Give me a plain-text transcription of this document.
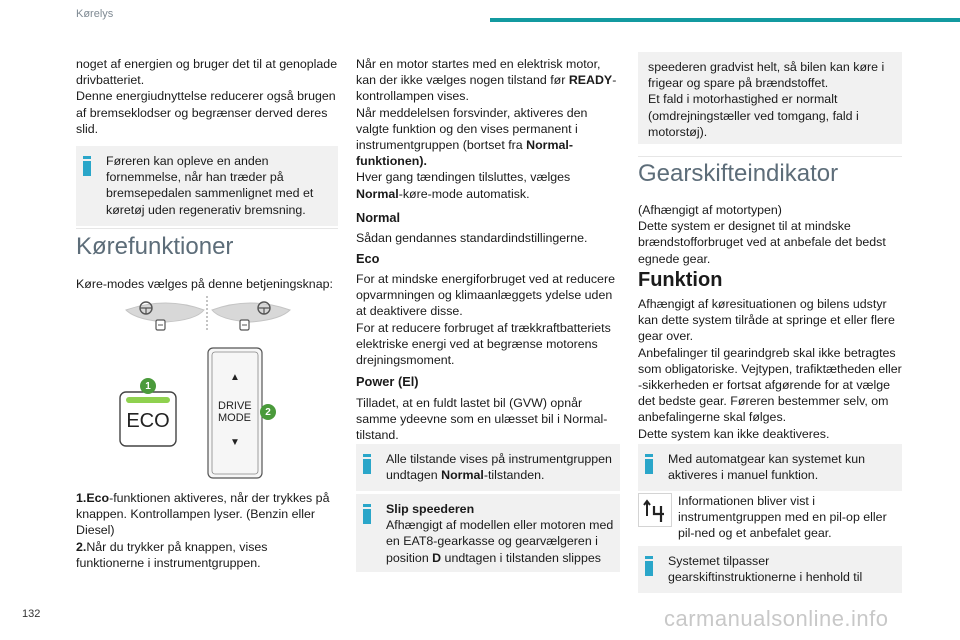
Kørelys

noget af energien og bruger det til at genoplade drivbatteriet.

Denne energiudnyttelse reducerer også brugen af bremseklodser og begrænser derved deres slid.

Føreren kan opleve en anden fornemmelse, når han træder på bremsepedalen sammenlignet med et køretøj uden regenerativ bremsning.

Kørefunktioner
Køre-modes vælges på denne betjeningsknap:
1
2
ECO
▲
DRIVE
MODE
▼

1.Eco-funktionen aktiveres, når der trykkes på knappen. Kontrollampen lyser. (Benzin eller Diesel)

2.Når du trykker på knappen, vises funktionerne i instrumentgruppen.

Når en motor startes med en elektrisk motor, kan der ikke vælges nogen tilstand før READY-kontrollampen vises.

Når meddelelsen forsvinder, aktiveres den valgte funktion og den vises permanent i instrumentgruppen (bortset fra Normal-funktionen).

Hver gang tændingen tilsluttes, vælges Normal-køre-mode automatisk.

Normal
Sådan gendannes standardindstillingerne.
Eco

For at mindske energiforbruget ved at reducere opvarmningen og klimaanlæggets ydelse uden at deaktivere disse.

For at reducere forbruget af trækkraftbatteriets elektriske energi ved at begrænse motorens drejningsmoment.

Power (El)
Tilladet, at en fuldt lastet bil (GVW) opnår samme ydeevne som en ulæsset bil i Normal-tilstand.

Alle tilstande vises på instrumentgruppen undtagen Normal-tilstanden.

Slip speederen

Afhængigt af modellen eller motoren med en EAT8-gearkasse og gearvælgeren i position D undtagen i tilstanden slippes

speederen gradvist helt, så bilen kan køre i frigear og spare på brændstoffet.

Et fald i motorhastighed er normalt (omdrejningstæller ved tomgang, fald i motorstøj).

Gearskifteindikator

(Afhængigt af motortypen)

Dette system er designet til at mindske brændstofforbruget ved at anbefale det bedst egnede gear.

Funktion

Afhængigt af køresituationen og bilens udstyr kan dette system tilråde at springe et eller flere gear over.

Anbefalinger til gearindgreb skal ikke betragtes som obligatoriske. Vejtypen, trafiktætheden eller -sikkerheden er fortsat afgørende for at vælge det bedste gear. Føreren bestemmer selv, om anbefalingerne skal følges.

Dette system kan ikke deaktiveres.

Med automatgear kan systemet kun aktiveres i manuel funktion.

Informationen bliver vist i instrumentgruppen med en pil-op eller pil-ned og et anbefalet gear.

Systemet tilpasser gearskiftinstruktionerne i henhold til

132	carmanualsonline.info
